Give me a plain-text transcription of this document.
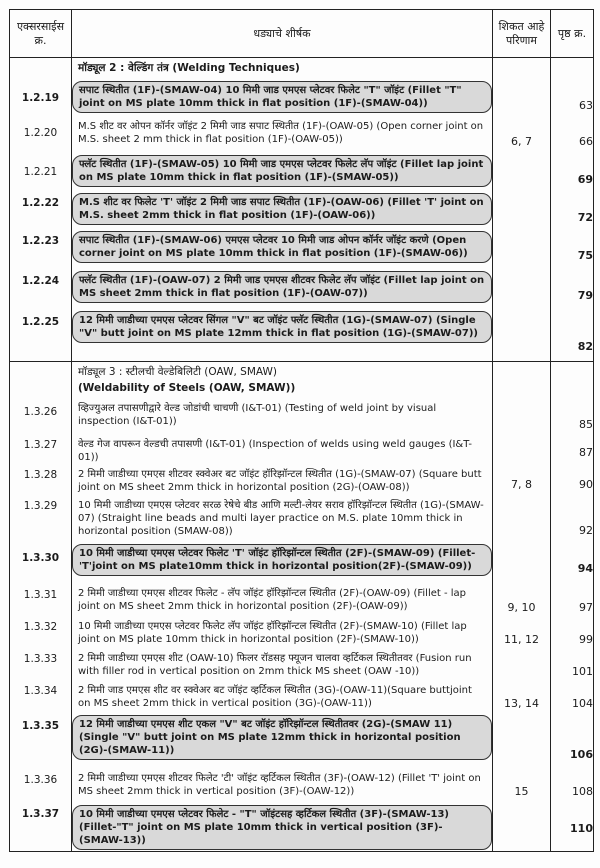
एक्सरसाईस क्र.	धड्याचे शीर्षक	शिकत आहे परिणाम	पृष्ठ क्र.

	मॉड्यूल 2 : वेल्डिंग तंत्र (Welding Techniques)		

1.2.19	सपाट स्थितीत (1F)-(SMAW-04) 10 मिमी जाड एमएस प्लेटवर फिलेट "T" जॉइंट (Fillet "T" joint on MS plate 10mm thick in flat position (1F)-(SMAW-04))		63
1.2.20	M.S शीट वर ओपन कॉर्नर जॉइंट 2 मिमी जाड सपाट स्थितीत (1F)-(OAW-05) (Open corner joint on M.S. sheet 2 mm thick in flat position (1F)-(OAW-05))	6, 7	66
1.2.21	फ्लॅट स्थितीत (1F)-(SMAW-05) 10 मिमी जाड एमएस प्लेटवर फिलेट लॅप जॉइंट (Fillet lap joint on MS plate 10mm thick in flat position (1F)-(SMAW-05))		69
1.2.22	M.S शीट वर फिलेट 'T' जॉइंट 2 मिमी जाड सपाट स्थितीत (1F)-(OAW-06) (Fillet 'T' joint on M.S. sheet 2mm thick in flat position (1F)-(OAW-06))		72
1.2.23	सपाट स्थितीत (1F)-(SMAW-06) एमएस प्लेटवर 10 मिमी जाड ओपन कॉर्नर जॉइंट करणे (Open corner joint on MS plate 10mm thick in flat position (1F)-(SMAW-06))		75
1.2.24	फ्लॅट स्थितीत (1F)-(OAW-07) 2 मिमी जाड एमएस शीटवर फिलेट लॅप जॉइंट (Fillet lap joint on MS sheet 2mm thick in flat position (1F)-(OAW-07))		79
1.2.25	12 मिमी जाडीच्या एमएस प्लेटवर सिंगल "V" बट जॉइंट फ्लॅट स्थितीत (1G)-(SMAW-07) (Single "V" butt joint on MS plate 12mm thick in flat position (1G)-(SMAW-07))		82

	मॉड्यूल 3 : स्टीलची वेल्डेबिलिटी (OAW, SMAW)
(Weldability of Steels (OAW, SMAW))		

1.3.26	व्हिज्युअल तपासणीद्वारे वेल्ड जोडांची चाचणी (I&T-01) (Testing of weld joint by visual inspection (I&T-01))		85
1.3.27	वेल्ड गेज वापरून वेल्डची तपासणी (I&T-01) (Inspection of welds using weld gauges (I&T-01))		87
1.3.28	2 मिमी जाडीच्या एमएस शीटवर स्क्वेअर बट जॉइंट हॉरिझॉन्टल स्थितीत (1G)-(SMAW-07) (Square butt joint on MS sheet 2mm thick in horizontal position (2G)-(OAW-08))	7, 8	90
1.3.29	10 मिमी जाडीच्या एमएस प्लेटवर सरळ रेषेचे बीड आणि मल्टी-लेयर सराव हॉरिझॉन्टल स्थितीत (1G)-(SMAW-07) (Straight line beads and multi layer practice on M.S. plate 10mm thick in horizontal position (SMAW-08))		92
1.3.30	10 मिमी जाडीच्या एमएस प्लेटवर फिलेट 'T' जॉइंट हॉरिझॉन्टल स्थितीत (2F)-(SMAW-09) (Fillet-'T'joint on MS plate10mm thick in horizontal position(2F)-(SMAW-09))		94
1.3.31	2 मिमी जाडीच्या एमएस शीटवर फिलेट - लॅप जॉइंट हॉरिझॉन्टल स्थितीत (2F)-(OAW-09) (Fillet - lap joint on MS sheet 2mm thick in horizontal position (2F)-(OAW-09))	9, 10	97
1.3.32	10 मिमी जाडीच्या एमएस प्लेटवर फिलेट लॅप जॉइंट हॉरिझॉन्टल स्थितीत (2F)-(SMAW-10) (Fillet lap joint on MS plate 10mm thick in horizontal position (2F)-(SMAW-10))	11, 12	99
1.3.33	2 मिमी जाडीच्या एमएस शीट (OAW-10) फिलर रॉडसह फ्यूजन चालवा व्हर्टिकल स्थितीतवर (Fusion run with filler rod in vertical position on 2mm thick MS sheet (OAW -10))		101
1.3.34	2 मिमी जाड एमएस शीट वर स्क्वेअर बट जॉइंट व्हर्टिकल स्थितीत (3G)-(OAW-11)(Square buttjoint on MS sheet 2mm thick in vertical position (3G)-(OAW-11))	13, 14	104
1.3.35	12 मिमी जाडीच्या एमएस शीट एकल "V" बट जॉइंट हॉरिझॉन्टल स्थितीतवर (2G)-(SMAW 11) (Single "V" butt joint on MS plate 12mm thick in horizontal position (2G)-(SMAW-11))		106
1.3.36	2 मिमी जाडीच्या एमएस शीटवर फिलेट 'टी' जॉइंट व्हर्टिकल स्थितीत (3F)-(OAW-12) (Fillet 'T' joint on MS sheet 2mm thick in vertical position (3F)-(OAW-12))	15	108
1.3.37	10 मिमी जाडीच्या एमएस प्लेटवर फिलेट - "T" जॉइंटसह व्हर्टिकल स्थितीत (3F)-(SMAW-13) (Fillet-"T" joint on MS plate 10mm thick in vertical position (3F)-(SMAW-13))		110
